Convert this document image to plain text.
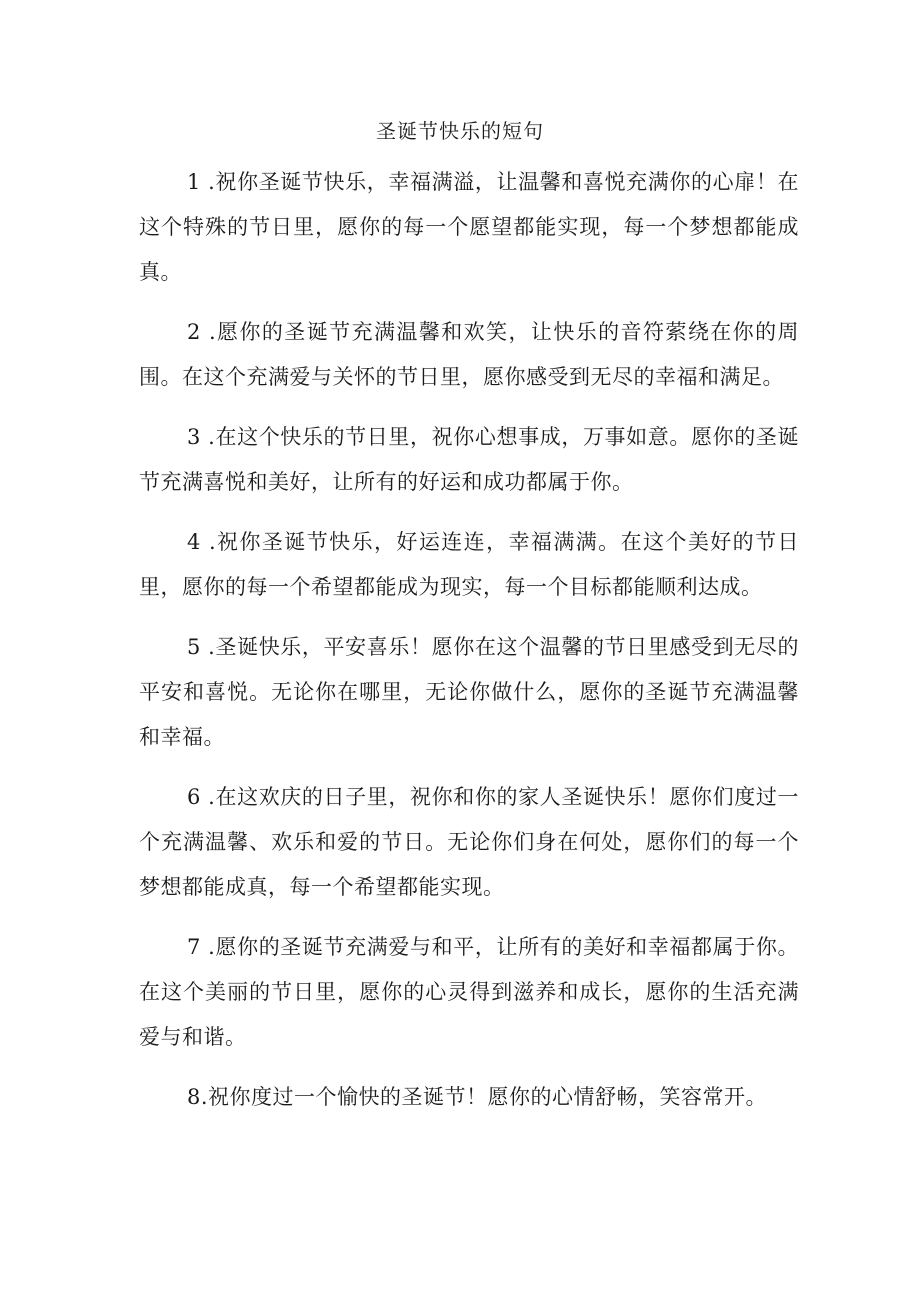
圣诞节快乐的短句

1 .祝你圣诞节快乐，幸福满溢，让温馨和喜悦充满你的心扉！在这个特殊的节日里，愿你的每一个愿望都能实现，每一个梦想都能成真。

2 .愿你的圣诞节充满温馨和欢笑，让快乐的音符萦绕在你的周围。在这个充满爱与关怀的节日里，愿你感受到无尽的幸福和满足。

3 .在这个快乐的节日里，祝你心想事成，万事如意。愿你的圣诞节充满喜悦和美好，让所有的好运和成功都属于你。

4 .祝你圣诞节快乐，好运连连，幸福满满。在这个美好的节日里，愿你的每一个希望都能成为现实，每一个目标都能顺利达成。

5 .圣诞快乐，平安喜乐！愿你在这个温馨的节日里感受到无尽的平安和喜悦。无论你在哪里，无论你做什么，愿你的圣诞节充满温馨和幸福。

6 .在这欢庆的日子里，祝你和你的家人圣诞快乐！愿你们度过一个充满温馨、欢乐和爱的节日。无论你们身在何处，愿你们的每一个梦想都能成真，每一个希望都能实现。

7 .愿你的圣诞节充满爱与和平，让所有的美好和幸福都属于你。在这个美丽的节日里，愿你的心灵得到滋养和成长，愿你的生活充满爱与和谐。

8.祝你度过一个愉快的圣诞节！愿你的心情舒畅，笑容常开。
